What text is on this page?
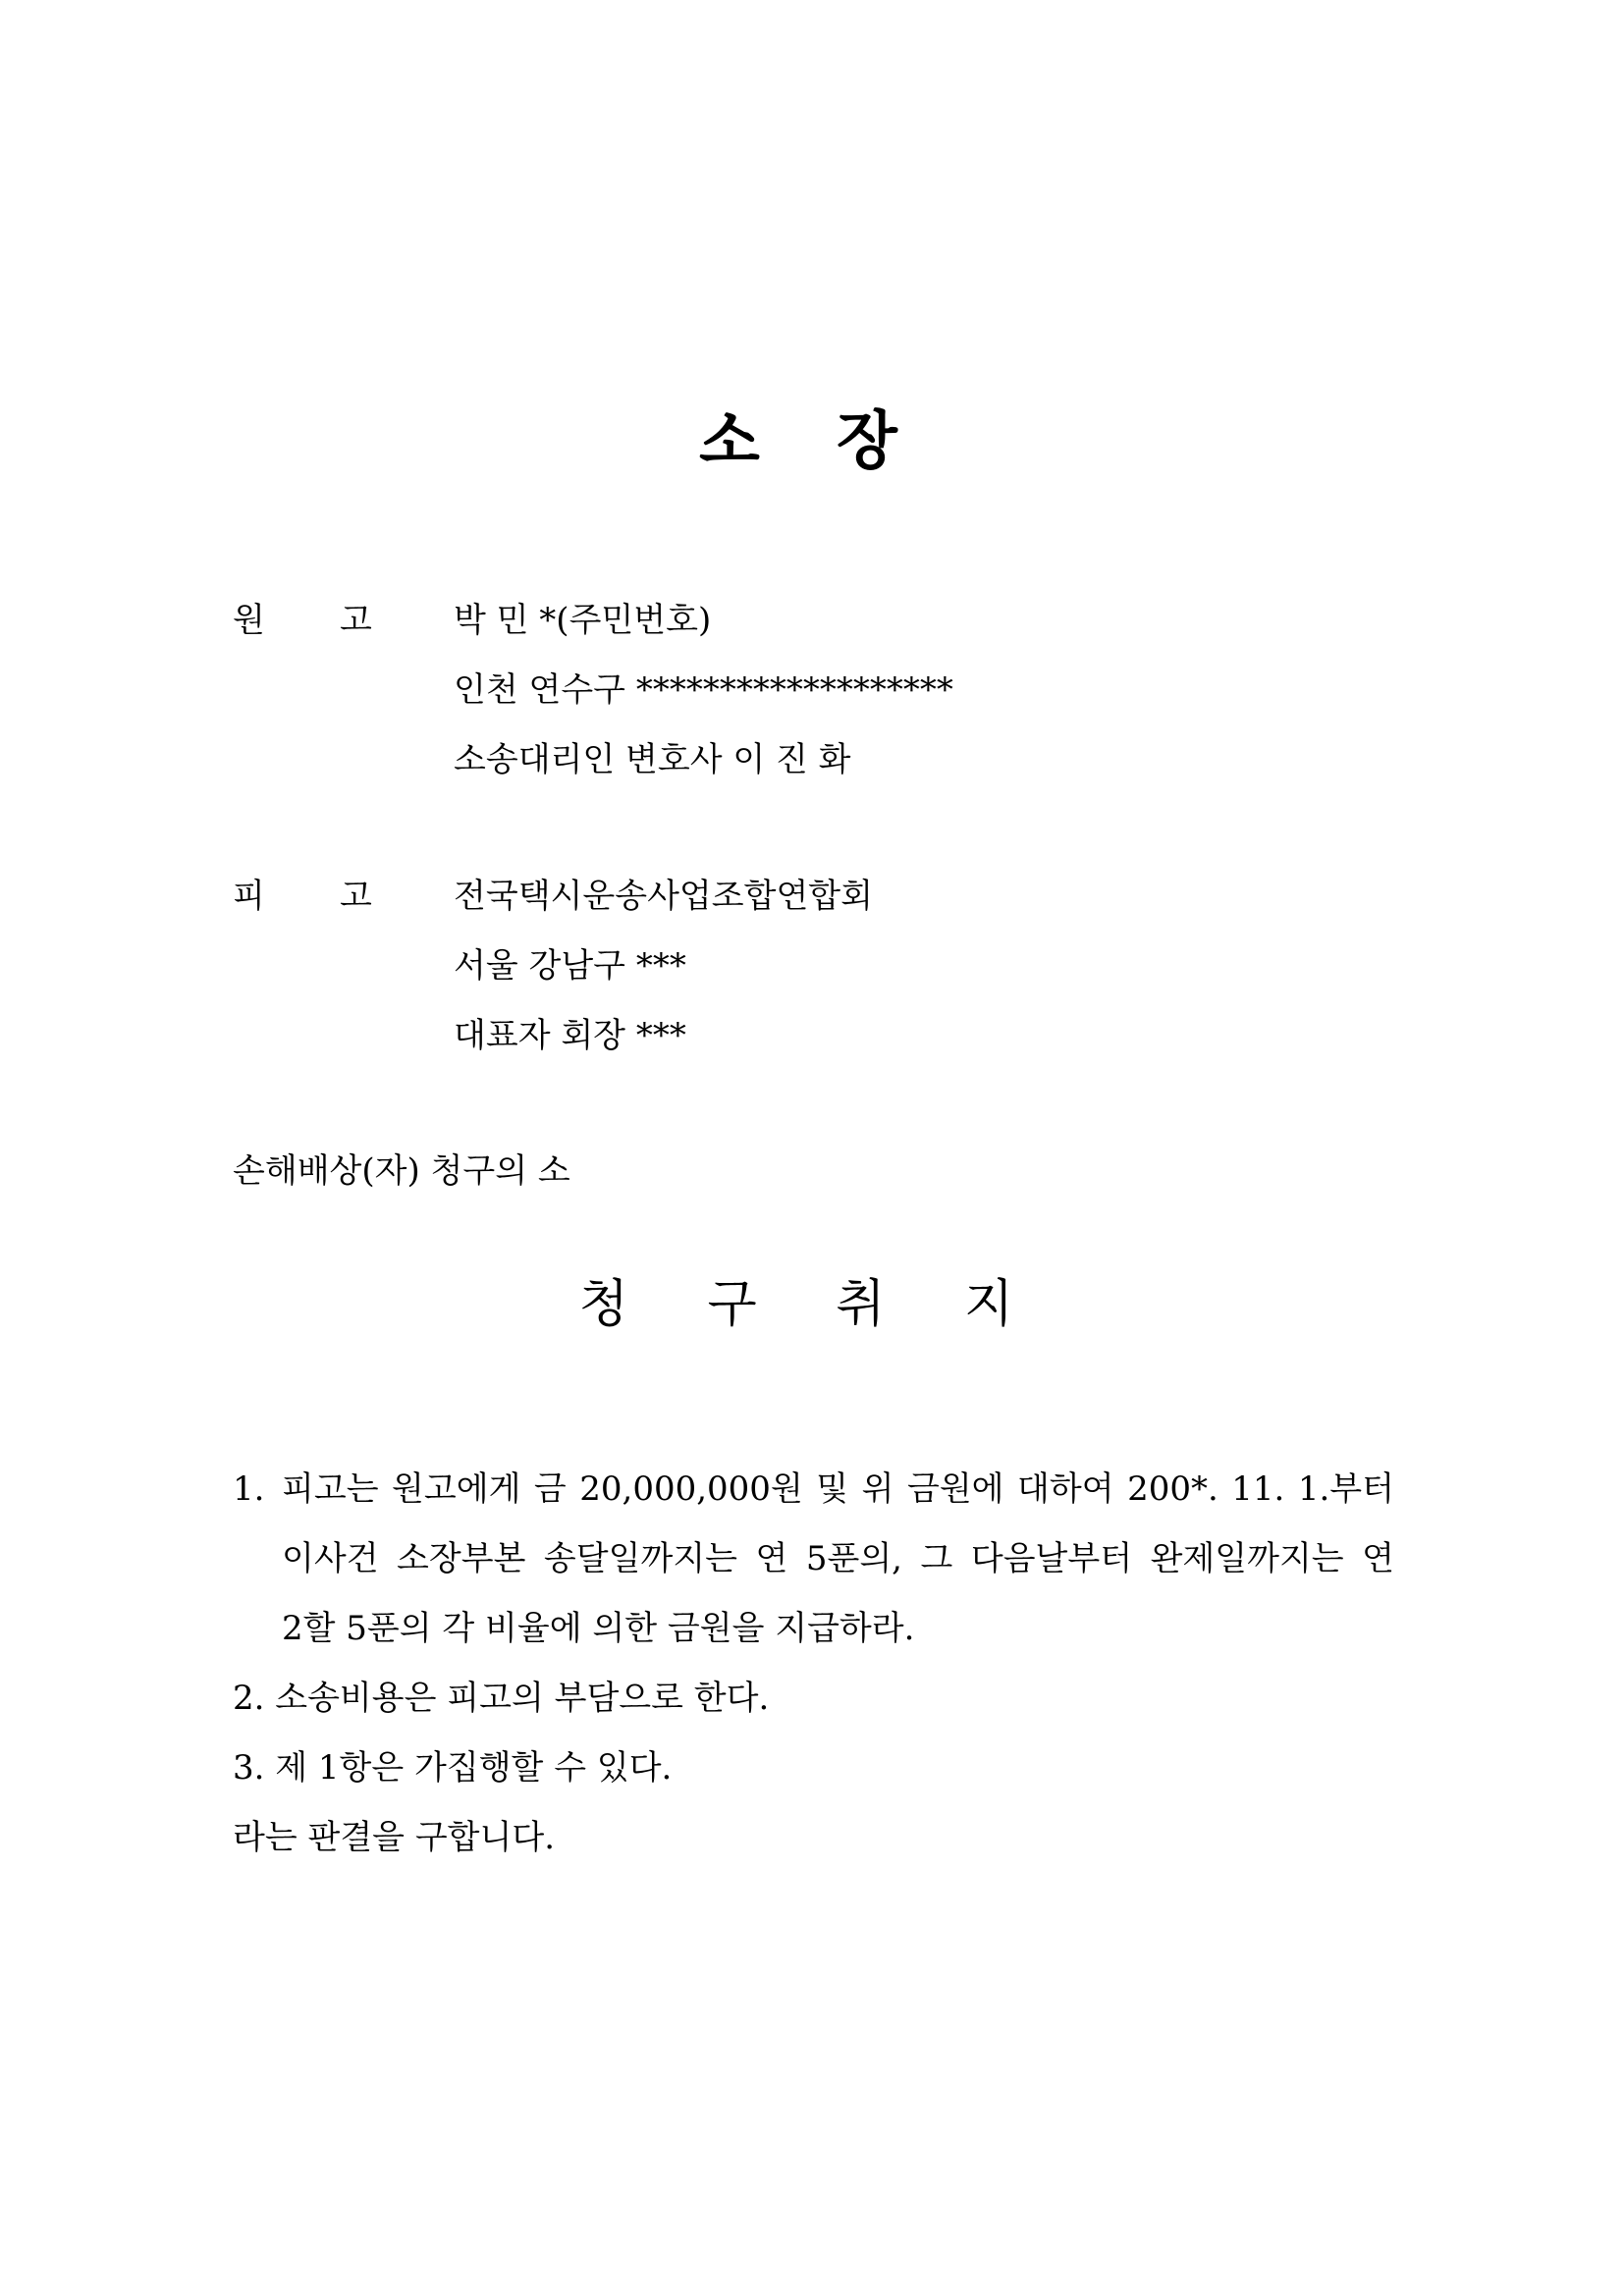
소 장
원 고 박 민 *(주민번호)
인천 연수구 *******************
소송대리인 변호사 이 진 화
피 고 전국택시운송사업조합연합회
서울 강남구 ***
대표자 회장 ***
손해배상(자) 청구의 소
청 구 취 지
1. 피고는 원고에게 금 20,000,000원 및 위 금원에 대하여 200*. 11. 1.부터
이사건 소장부본 송달일까지는 연 5푼의, 그 다음날부터 완제일까지는 연
2할 5푼의 각 비율에 의한 금원을 지급하라.
2. 소송비용은 피고의 부담으로 한다.
3. 제 1항은 가집행할 수 있다.
라는 판결을 구합니다.
